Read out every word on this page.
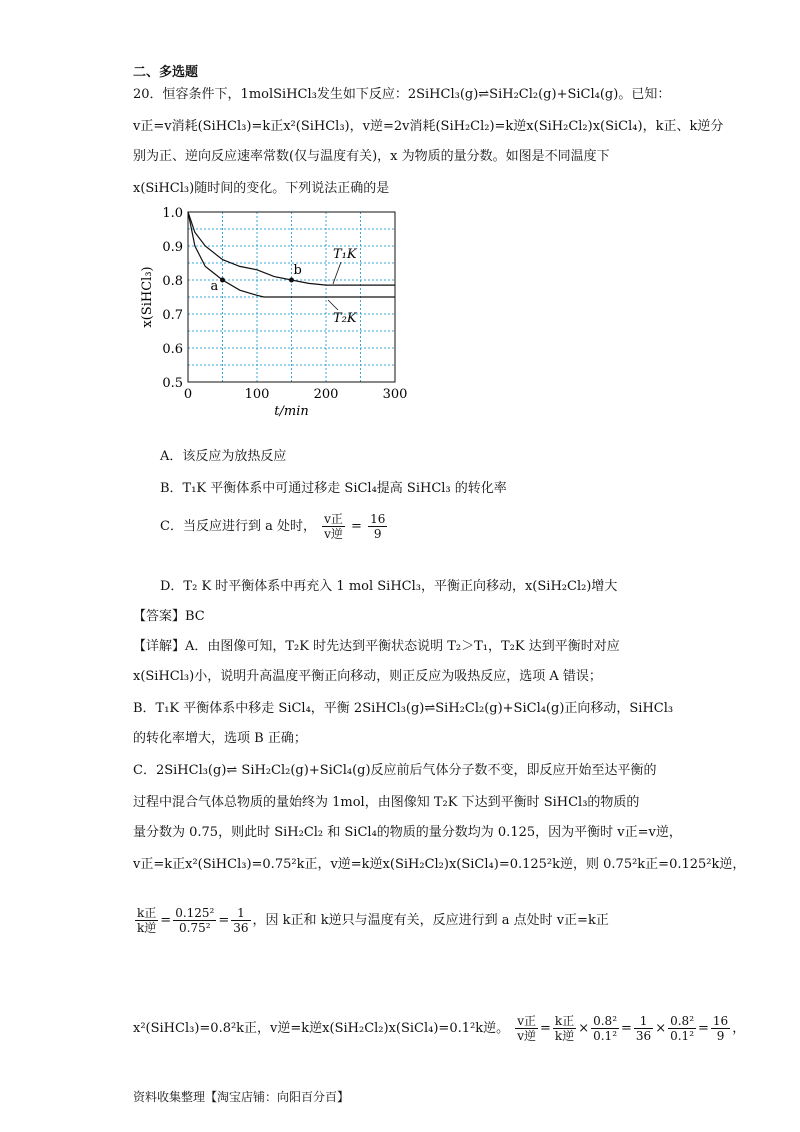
二、多选题
20．恒容条件下，1molSiHCl₃发生如下反应：2SiHCl₃(g)⇌SiH₂Cl₂(g)+SiCl₄(g)。已知：
v正=v消耗(SiHCl₃)=k正x²(SiHCl₃)，v逆=2v消耗(SiH₂Cl₂)=k逆x(SiH₂Cl₂)x(SiCl₄)，k正、k逆分
别为正、逆向反应速率常数(仅与温度有关)，x 为物质的量分数。如图是不同温度下
x(SiHCl₃)随时间的变化。下列说法正确的是
0	100	200	300
0.5
0.6
0.7
0.8
0.9
1.0
t/min
x(SiHCl₃)
T₁K
T₂K
a
b
A．该反应为放热反应
B．T₁K 平衡体系中可通过移走 SiCl₄提高 SiHCl₃ 的转化率
C．当反应进行到 a 处时， $\frac{\text{v正}}{\text{v逆}} = \frac{16}{9}$
D．T₂ K 时平衡体系中再充入 1 mol SiHCl₃，平衡正向移动，x(SiH₂Cl₂)增大
【答案】BC
【详解】A．由图像可知，T₂K 时先达到平衡状态说明 T₂＞T₁，T₂K 达到平衡时对应
x(SiHCl₃)小，说明升高温度平衡正向移动，则正反应为吸热反应，选项 A 错误；
B．T₁K 平衡体系中移走 SiCl₄，平衡 2SiHCl₃(g)⇌SiH₂Cl₂(g)+SiCl₄(g)正向移动，SiHCl₃
的转化率增大，选项 B 正确；
C．2SiHCl₃(g)⇌ SiH₂Cl₂(g)+SiCl₄(g)反应前后气体分子数不变，即反应开始至达平衡的
过程中混合气体总物质的量始终为 1mol，由图像知 T₂K 下达到平衡时 SiHCl₃的物质的
量分数为 0.75，则此时 SiH₂Cl₂ 和 SiCl₄的物质的量分数均为 0.125，因为平衡时 v正=v逆，
v正=k正x²(SiHCl₃)=0.75²k正，v逆=k逆x(SiH₂Cl₂)x(SiCl₄)=0.125²k逆，则 0.75²k正=0.125²k逆，
$\frac{\text{k正}}{\text{k逆}} = \frac{\text{0.125²}}{\text{0.75²}} = \frac{1}{36}$ ，因 k正和 k逆只与温度有关，反应进行到 a 点处时 v正=k正
x²(SiHCl₃)=0.8²k正，v逆=k逆x(SiH₂Cl₂)x(SiCl₄)=0.1²k逆。 $\frac{\text{v正}}{\text{v逆}} = \frac{\text{k正}}{\text{k逆}} \times \frac{\text{0.8²}}{\text{0.1²}} = \frac{1}{36} \times \frac{\text{0.8²}}{\text{0.1²}} = \frac{16}{9}$ ，
资料收集整理【淘宝店铺：向阳百分百】
